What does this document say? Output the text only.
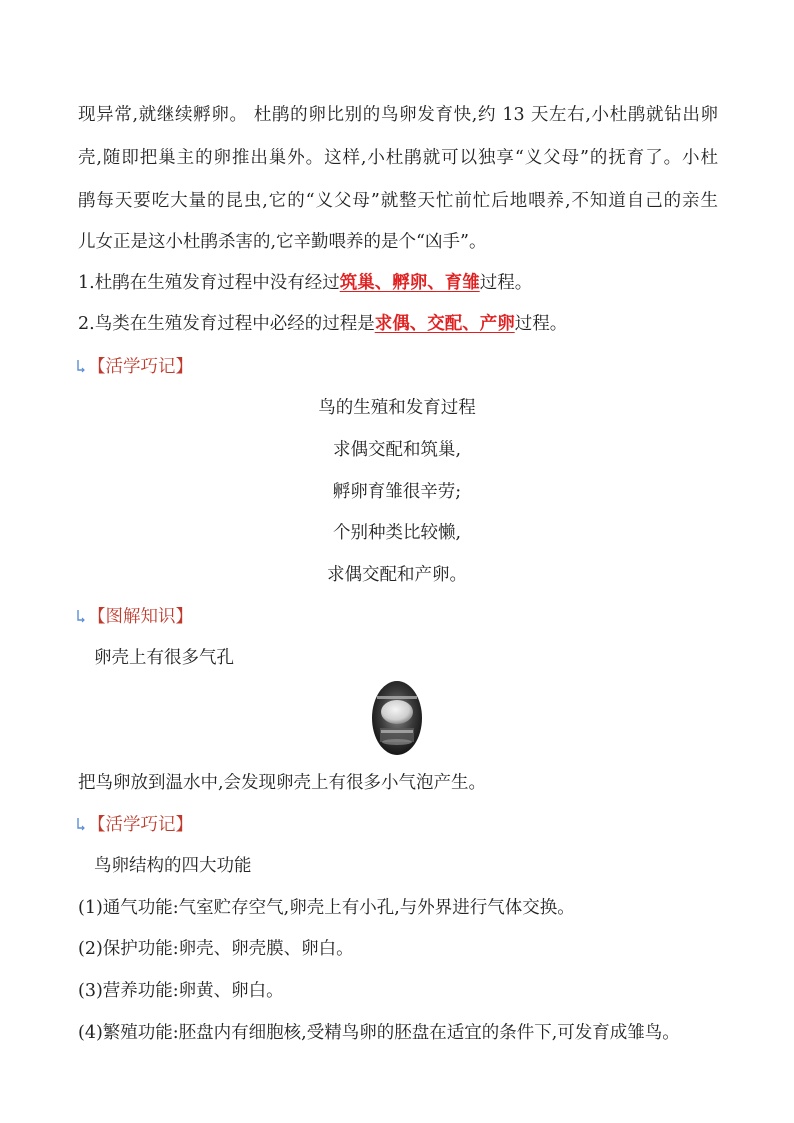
现异常,就继续孵卵。 杜鹃的卵比别的鸟卵发育快,约 13 天左右,小杜鹃就钻出卵
壳,随即把巢主的卵推出巢外。这样,小杜鹃就可以独享“义父母”的抚育了。小杜
鹃每天要吃大量的昆虫,它的“义父母”就整天忙前忙后地喂养,不知道自己的亲生
儿女正是这小杜鹃杀害的,它辛勤喂养的是个“凶手”。
1.杜鹃在生殖发育过程中没有经过筑巢、孵卵、育雏过程。
2.鸟类在生殖发育过程中必经的过程是求偶、交配、产卵过程。
【活学巧记】
鸟的生殖和发育过程
求偶交配和筑巢,
孵卵育雏很辛劳;
个别种类比较懒,
求偶交配和产卵。
【图解知识】
卵壳上有很多气孔
把鸟卵放到温水中,会发现卵壳上有很多小气泡产生。
【活学巧记】
鸟卵结构的四大功能
(1)通气功能:气室贮存空气,卵壳上有小孔,与外界进行气体交换。
(2)保护功能:卵壳、卵壳膜、卵白。
(3)营养功能:卵黄、卵白。
(4)繁殖功能:胚盘内有细胞核,受精鸟卵的胚盘在适宜的条件下,可发育成雏鸟。
